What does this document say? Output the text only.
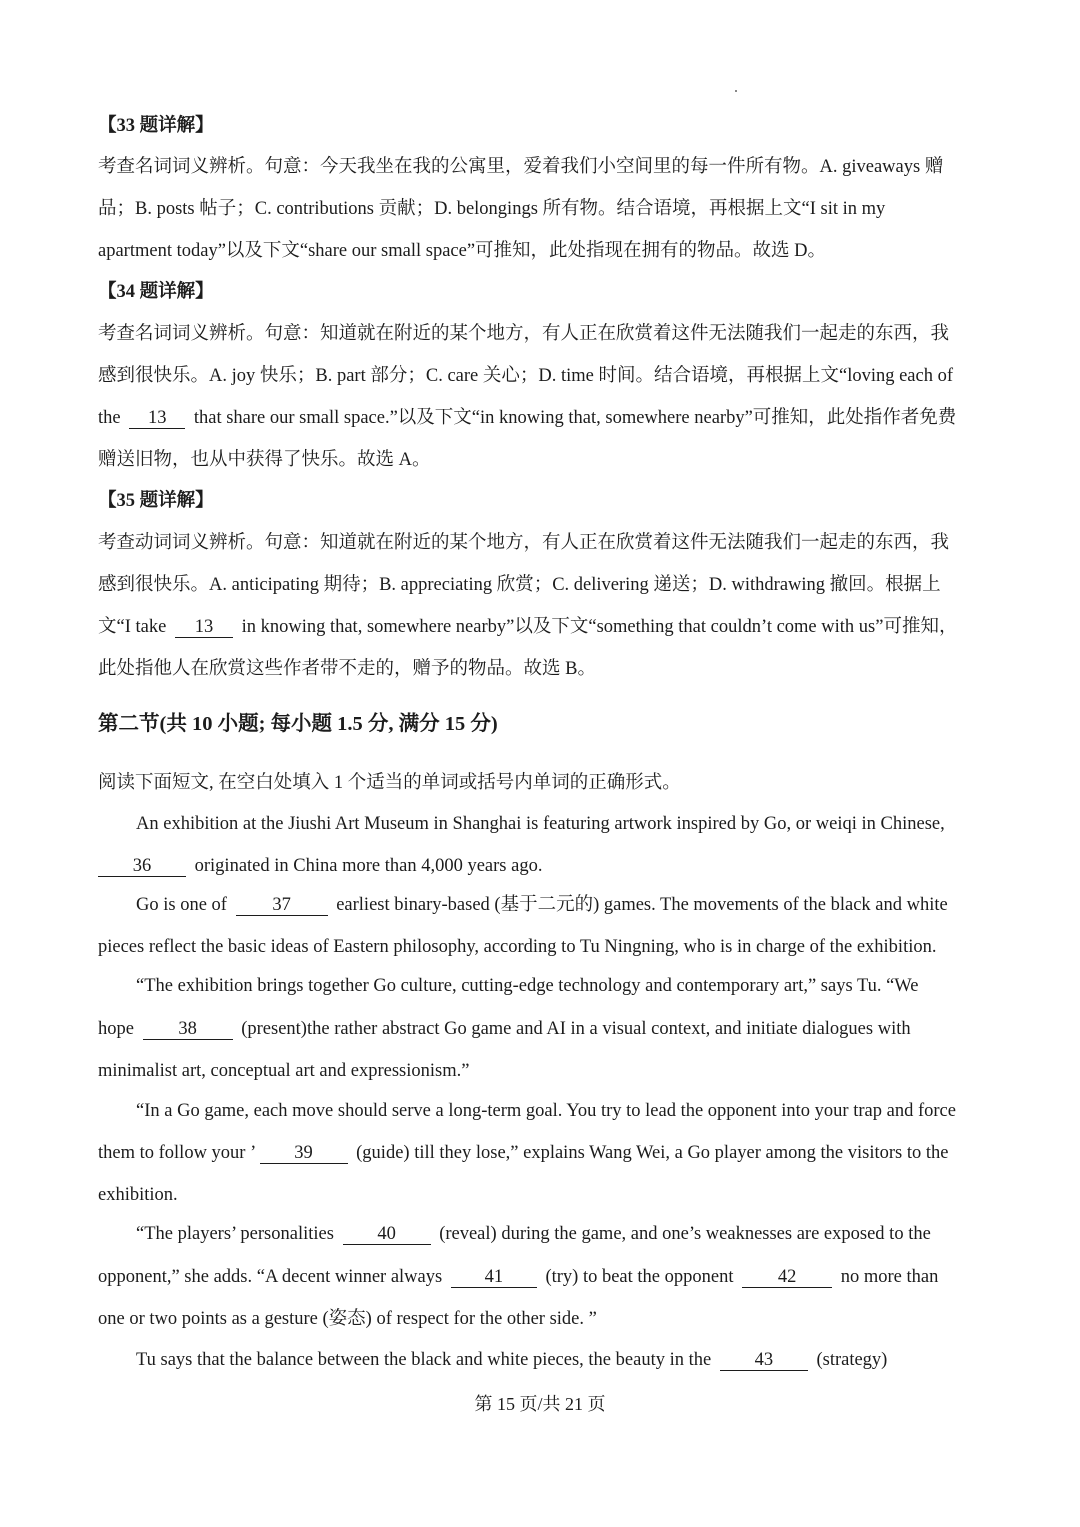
【33 题详解】
考查名词词义辨析。句意：今天我坐在我的公寓里，爱着我们小空间里的每一件所有物。A. giveaways 赠
品；B. posts 帖子；C. contributions 贡献；D. belongings 所有物。结合语境，再根据上文“I sit in my
apartment today”以及下文“share our small space”可推知，此处指现在拥有的物品。故选 D。
【34 题详解】
考查名词词义辨析。句意：知道就在附近的某个地方，有人正在欣赏着这件无法随我们一起走的东西，我
感到很快乐。A. joy 快乐；B. part 部分；C. care 关心；D. time 时间。结合语境，再根据上文“loving each of
the 13 that share our small space.”以及下文“in knowing that, somewhere nearby”可推知，此处指作者免费
赠送旧物，也从中获得了快乐。故选 A。
【35 题详解】
考查动词词义辨析。句意：知道就在附近的某个地方，有人正在欣赏着这件无法随我们一起走的东西，我
感到很快乐。A. anticipating 期待；B. appreciating 欣赏；C. delivering 递送；D. withdrawing 撤回。根据上
文“I take 13 in knowing that, somewhere nearby”以及下文“something that couldn’t come with us”可推知，
此处指他人在欣赏这些作者带不走的，赠予的物品。故选 B。
第二节(共 10 小题; 每小题 1.5 分, 满分 15 分)
阅读下面短文, 在空白处填入 1 个适当的单词或括号内单词的正确形式。
An exhibition at the Jiushi Art Museum in Shanghai is featuring artwork inspired by Go, or weiqi in Chinese,
36 originated in China more than 4,000 years ago.
Go is one of 37 earliest binary-based (基于二元的) games. The movements of the black and white
pieces reflect the basic ideas of Eastern philosophy, according to Tu Ningning, who is in charge of the exhibition.
“The exhibition brings together Go culture, cutting-edge technology and contemporary art,” says Tu. “We
hope 38 (present)the rather abstract Go game and AI in a visual context, and initiate dialogues with
minimalist art, conceptual art and expressionism.”
“In a Go game, each move should serve a long-term goal. You try to lead the opponent into your trap and force
them to follow your ’ 39 (guide) till they lose,” explains Wang Wei, a Go player among the visitors to the
exhibition.
“The players’ personalities 40 (reveal) during the game, and one’s weaknesses are exposed to the
opponent,” she adds. “A decent winner always 41 (try) to beat the opponent 42 no more than
one or two points as a gesture (姿态) of respect for the other side. ”
Tu says that the balance between the black and white pieces, the beauty in the 43 (strategy)
第 15 页/共 21 页
